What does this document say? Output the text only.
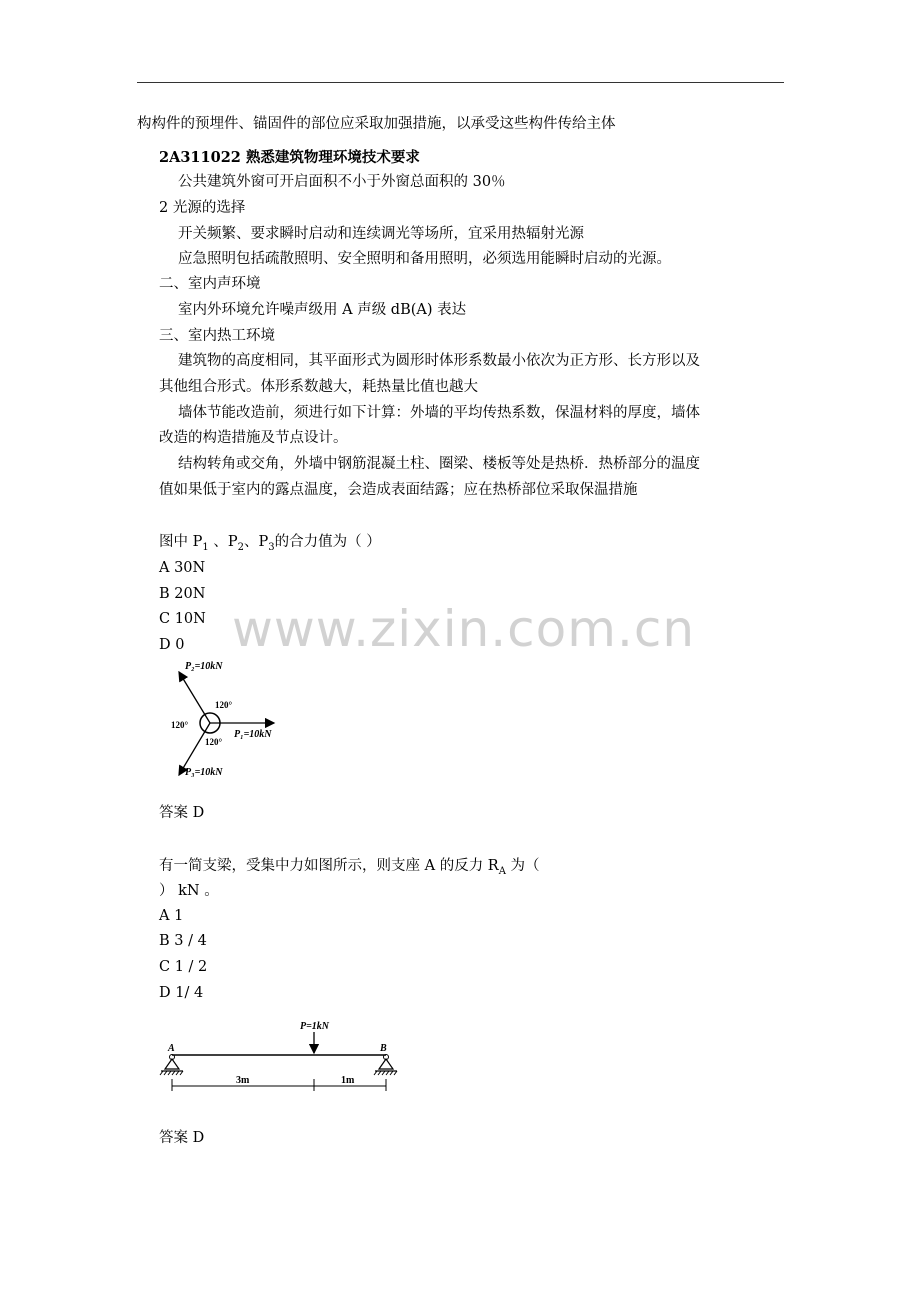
构构件的预埋件、锚固件的部位应采取加强措施，以承受这些构件传给主体
2A311022 熟悉建筑物理环境技术要求
公共建筑外窗可开启面积不小于外窗总面积的 30％
2 光源的选择
开关频繁、要求瞬时启动和连续调光等场所，宜采用热辐射光源
应急照明包括疏散照明、安全照明和备用照明，必须选用能瞬时启动的光源。
二、室内声环境
室内外环境允许噪声级用 A 声级 dB(A) 表达
三、室内热工环境
建筑物的高度相同，其平面形式为圆形时体形系数最小依次为正方形、长方形以及
其他组合形式。体形系数越大，耗热量比值也越大
墙体节能改造前，须进行如下计算：外墙的平均传热系数，保温材料的厚度，墙体
改造的构造措施及节点设计。
结构转角或交角，外墙中钢筋混凝土柱、圈梁、楼板等处是热桥．热桥部分的温度
值如果低于室内的露点温度，会造成表面结露；应在热桥部位采取保温措施
图中 $P_1$ 、$P_2$、$P_3$的合力值为（ ）
A 30N
B 20N
C 10N
D 0
P₂=10kN
120°
120°
120°
P₁=10kN
P₃=10kN
答案 D
有一简支梁，受集中力如图所示，则支座 A 的反力 $R_A$ 为（
） kN 。
A 1
B 3 / 4
C 1 / 2
D 1/ 4
P=1kN
A	B
3m	1m
答案 D
www.zixin.com.cn
